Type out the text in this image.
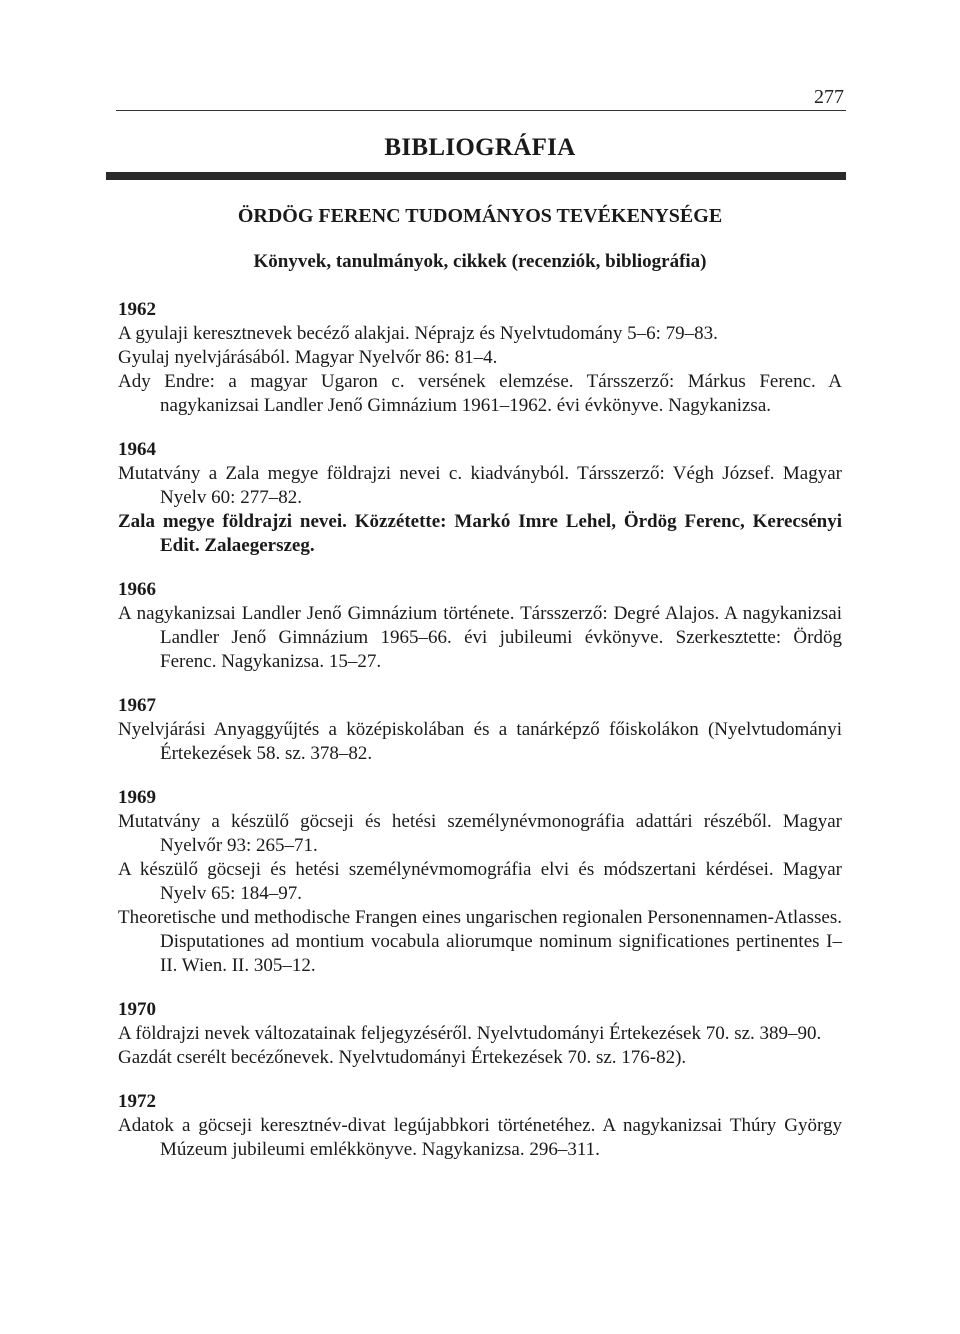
277
BIBLIOGRÁFIA
ÖRDÖG FERENC TUDOMÁNYOS TEVÉKENYSÉGE
Könyvek, tanulmányok, cikkek (recenziók, bibliográfia)
1962
A gyulaji keresztnevek becéző alakjai. Néprajz és Nyelvtudomány 5–6: 79–83.
Gyulaj nyelvjárásából. Magyar Nyelvőr 86: 81–4.
Ady Endre: a magyar Ugaron c. versének elemzése. Társszerző: Márkus Ferenc. A nagykanizsai Landler Jenő Gimnázium 1961–1962. évi évkönyve. Nagykanizsa.
1964
Mutatvány a Zala megye földrajzi nevei c. kiadványból. Társszerző: Végh József. Magyar Nyelv 60: 277–82.
Zala megye földrajzi nevei. Közzétette: Markó Imre Lehel, Ördög Ferenc, Kerecsényi Edit. Zalaegerszeg.
1966
A nagykanizsai Landler Jenő Gimnázium története. Társszerző: Degré Alajos. A nagykanizsai Landler Jenő Gimnázium 1965–66. évi jubileumi évkönyve. Szerkesztette: Ördög Ferenc. Nagykanizsa. 15–27.
1967
Nyelvjárási Anyaggyűjtés a középiskolában és a tanárképző főiskolákon (Nyelvtudományi Értekezések 58. sz. 378–82.
1969
Mutatvány a készülő göcseji és hetési személynévmonográfia adattári részéből. Magyar Nyelvőr 93: 265–71.
A készülő göcseji és hetési személynévmomográfia elvi és módszertani kérdései. Magyar Nyelv 65: 184–97.
Theoretische und methodische Frangen eines ungarischen regionalen Personennamen-Atlasses. Disputationes ad montium vocabula aliorumque nominum significationes pertinentes I–II. Wien. II. 305–12.
1970
A földrajzi nevek változatainak feljegyzéséről. Nyelvtudományi Értekezések 70. sz. 389–90.
Gazdát cserélt becézőnevek. Nyelvtudományi Értekezések 70. sz. 176-82).
1972
Adatok a göcseji keresztnév-divat legújabbkori történetéhez. A nagykanizsai Thúry György Múzeum jubileumi emlékkönyve. Nagykanizsa. 296–311.
